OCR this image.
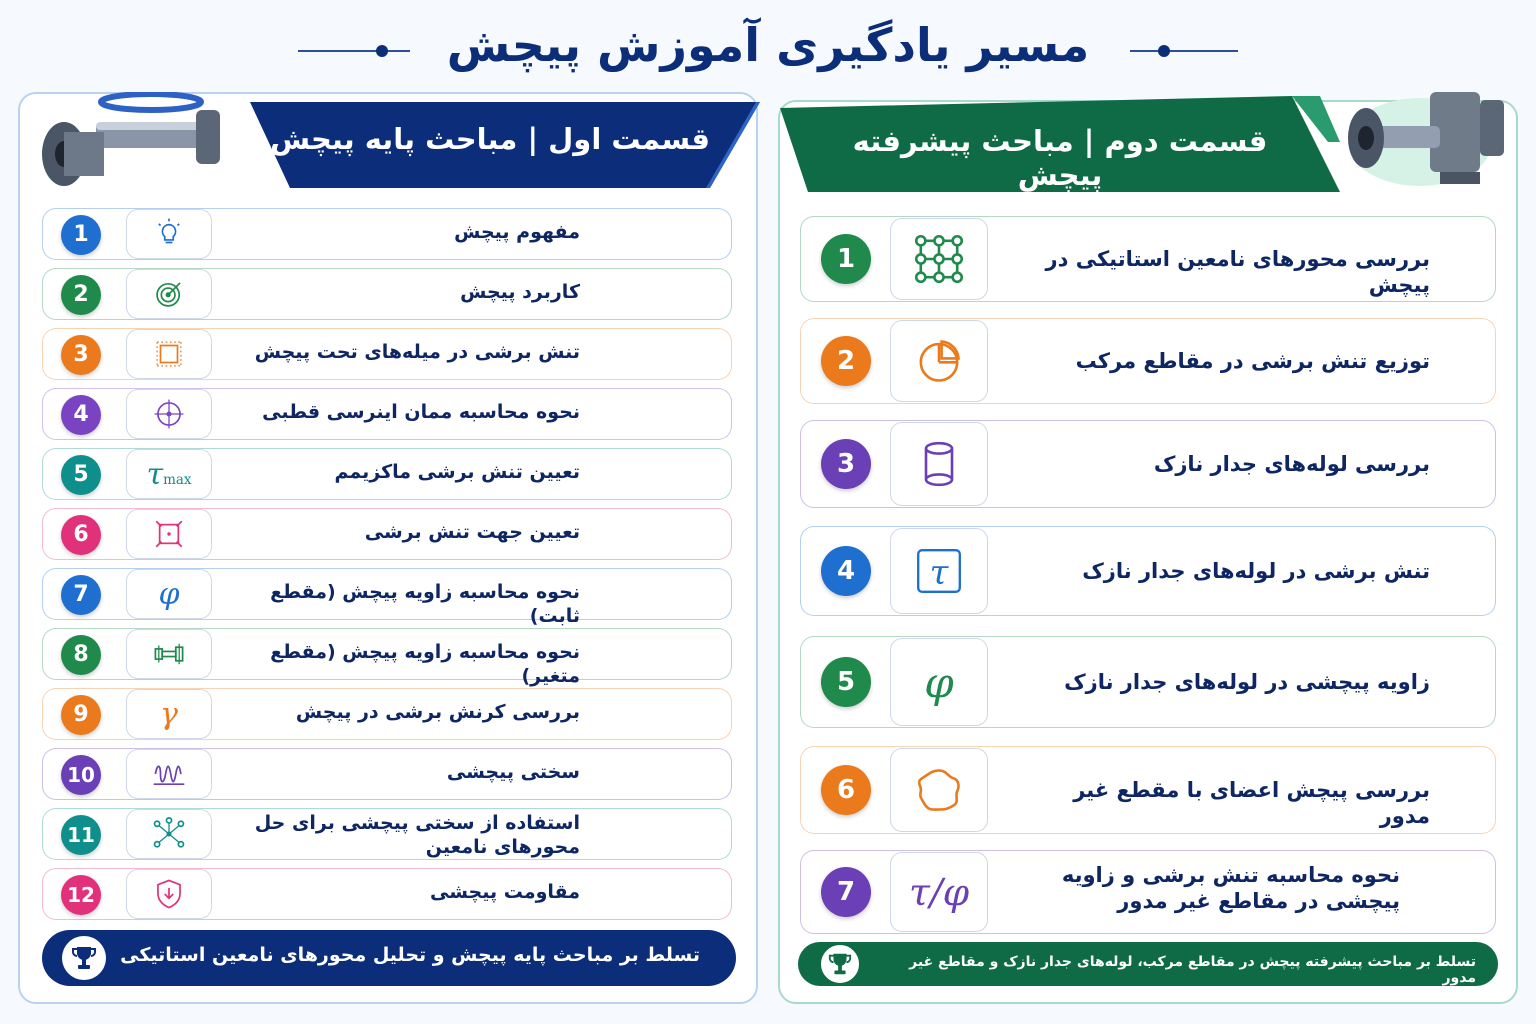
مسیر یادگیری آموزش پیچش
قسمت اول | مباحث پایه پیچش	قسمت دوم | مباحث پیشرفته پیچش
1	مفهوم پیچش
2	کاربرد پیچش
3	تنش برشی در میله‌های تحت پیچش
4	نحوه محاسبه ممان اینرسی قطبی
5	τmax	تعیین تنش برشی ماکزیمم
6	تعیین جهت تنش برشی
7	φ	نحوه محاسبه زاویه پیچش (مقطع ثابت)
8	نحوه محاسبه زاویه پیچش (مقطع متغیر)
9	γ	بررسی کرنش برشی در پیچش
10	سختی پیچشی
11	استفاده از سختی پیچشی برای حل محورهای نامعین
12	مقاومت پیچشی
1	بررسی محورهای نامعین استاتیکی در پیچش
2	توزیع تنش برشی در مقاطع مرکب
3	بررسی لوله‌های جدار نازک
4	τ	تنش برشی در لوله‌های جدار نازک
5	φ	زاویه پیچشی در لوله‌های جدار نازک
6	بررسی پیچش اعضای با مقطع غیر مدور
7	τ/φ	نحوه محاسبه تنش برشی و زاویه پیچشی در مقاطع غیر مدور
تسلط بر مباحث پایه پیچش و تحلیل محورهای نامعین استاتیکی	تسلط بر مباحث پیشرفته پیچش در مقاطع مرکب، لوله‌های جدار نازک و مقاطع غیر مدور
